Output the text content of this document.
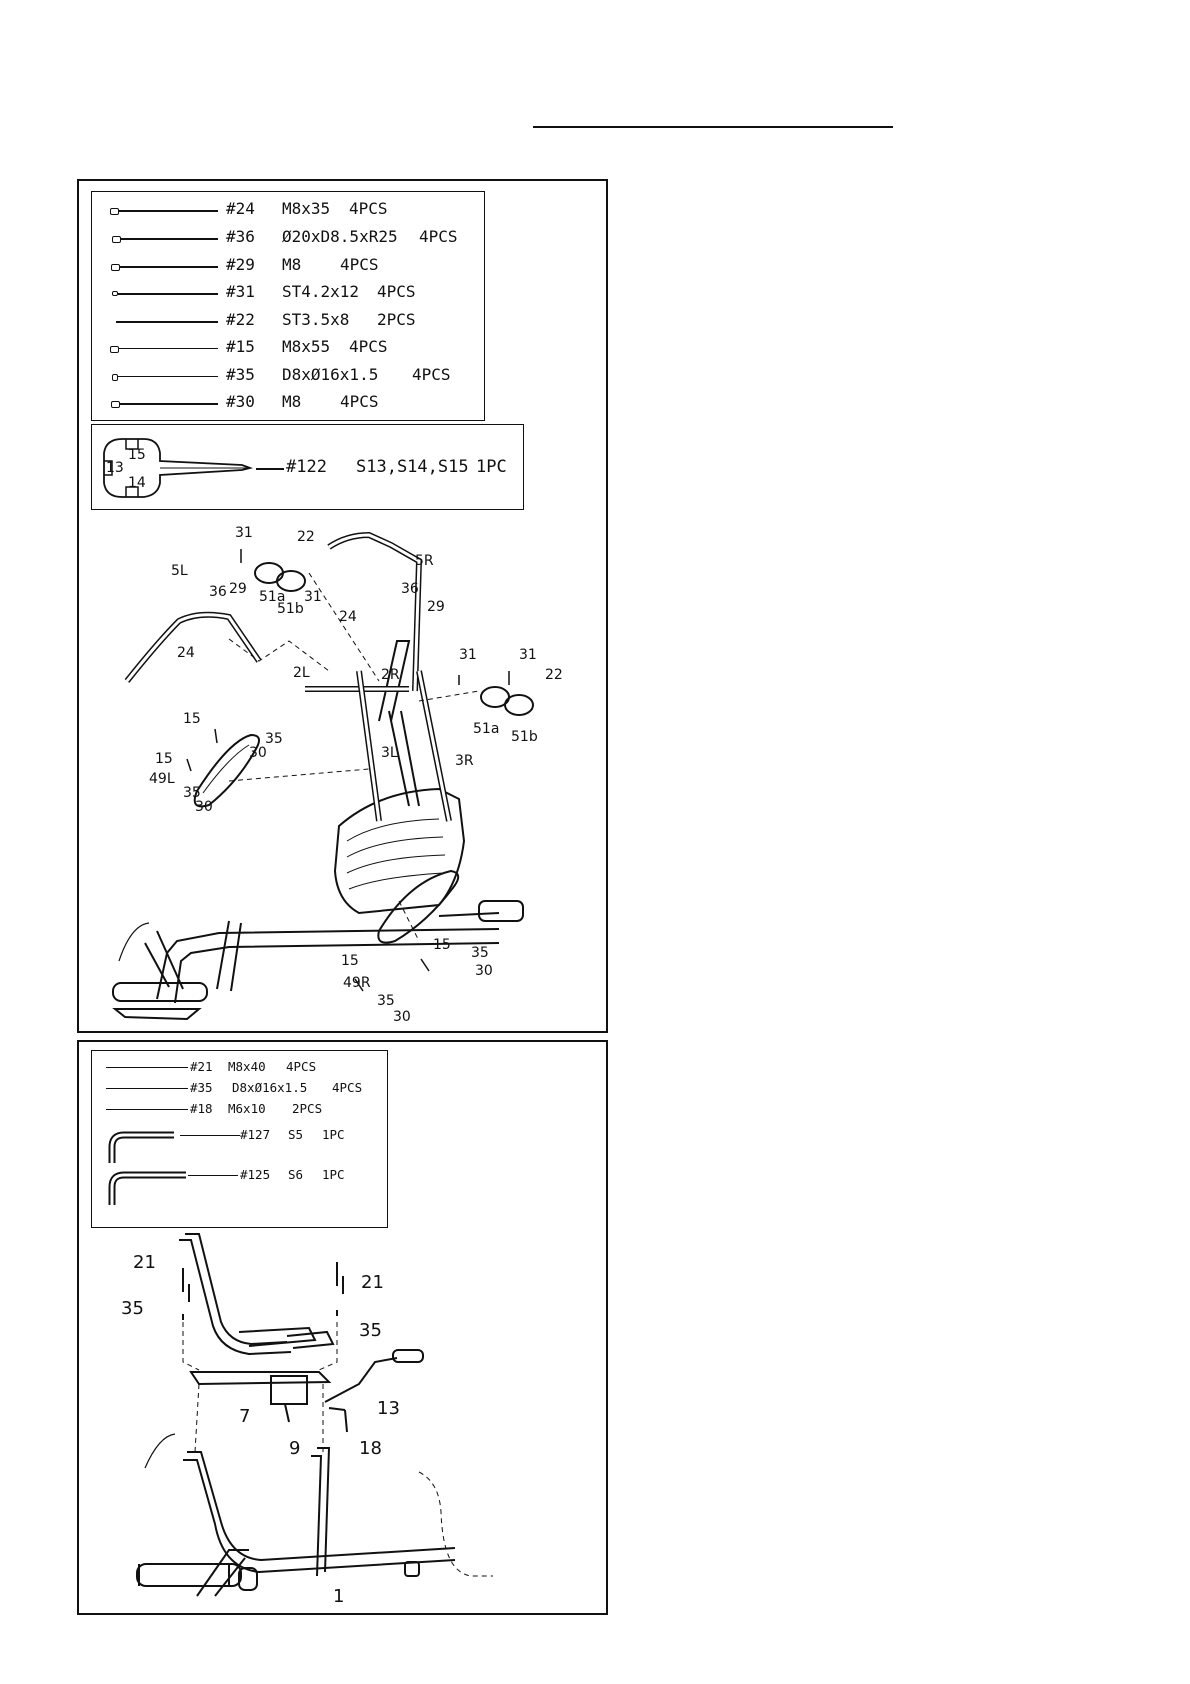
#24 M8x35 4PCS
#36 Ø20xD8.5xR25 4PCS
#29 M8 4PCS
#31 ST4.2x12 4PCS
#22 ST3.5x8 2PCS
#15 M8x55 4PCS
#35 D8xØ16x1.5 4PCS
#30 M8 4PCS
15
13
14
#122 S13,S14,S15 1PC
31	22
5R
51a
51b
31
36 29
24
36
29
5L
24
2L	2R
31	31
22
51a 51b
15
35
30
15	3L	3R
49L
35
30
15
15	35
30
49R
35
30
#21 M8x40 4PCS
#35 D8xØ16x1.5 4PCS
#18 M6x10 2PCS
#127 S5 1PC
#125 S6 1PC
21
21
35
35
7
9
13
18
1
